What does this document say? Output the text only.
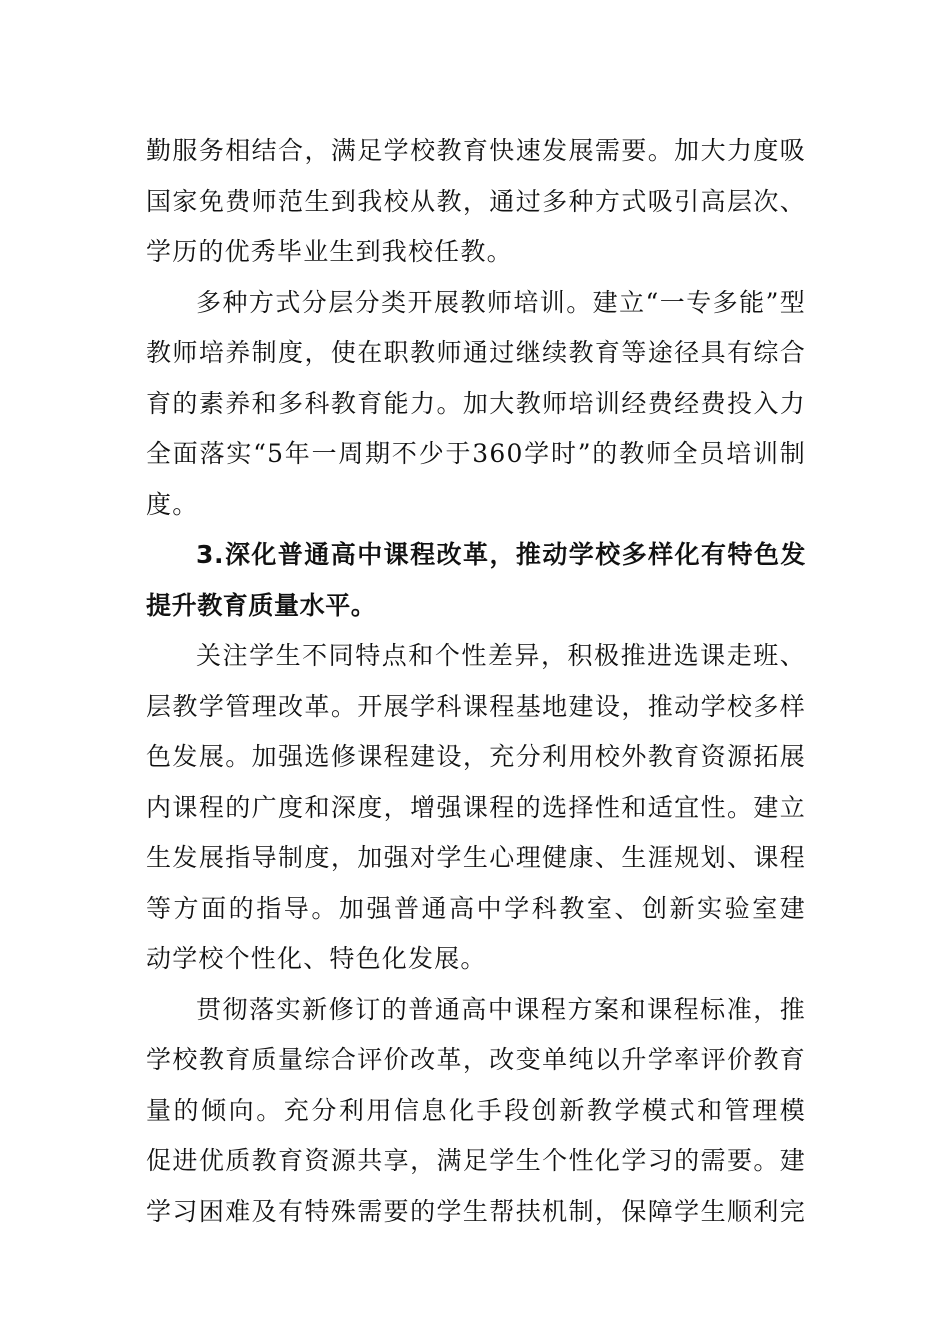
勤服务相结合，满足学校教育快速发展需要。加大力度吸
国家免费师范生到我校从教，通过多种方式吸引高层次、
学历的优秀毕业生到我校任教。
多种方式分层分类开展教师培训。建立“一专多能”型
教师培养制度，使在职教师通过继续教育等途径具有综合
育的素养和多科教育能力。加大教师培训经费经费投入力
全面落实“5年一周期不少于360学时”的教师全员培训制
度。
3.深化普通高中课程改革，推动学校多样化有特色发
提升教育质量水平。
关注学生不同特点和个性差异，积极推进选课走班、
层教学管理改革。开展学科课程基地建设，推动学校多样
色发展。加强选修课程建设，充分利用校外教育资源拓展
内课程的广度和深度，增强课程的选择性和适宜性。建立
生发展指导制度，加强对学生心理健康、生涯规划、课程
等方面的指导。加强普通高中学科教室、创新实验室建
动学校个性化、特色化发展。
贯彻落实新修订的普通高中课程方案和课程标准，推
学校教育质量综合评价改革，改变单纯以升学率评价教育
量的倾向。充分利用信息化手段创新教学模式和管理模
促进优质教育资源共享，满足学生个性化学习的需要。建
学习困难及有特殊需要的学生帮扶机制，保障学生顺利完
